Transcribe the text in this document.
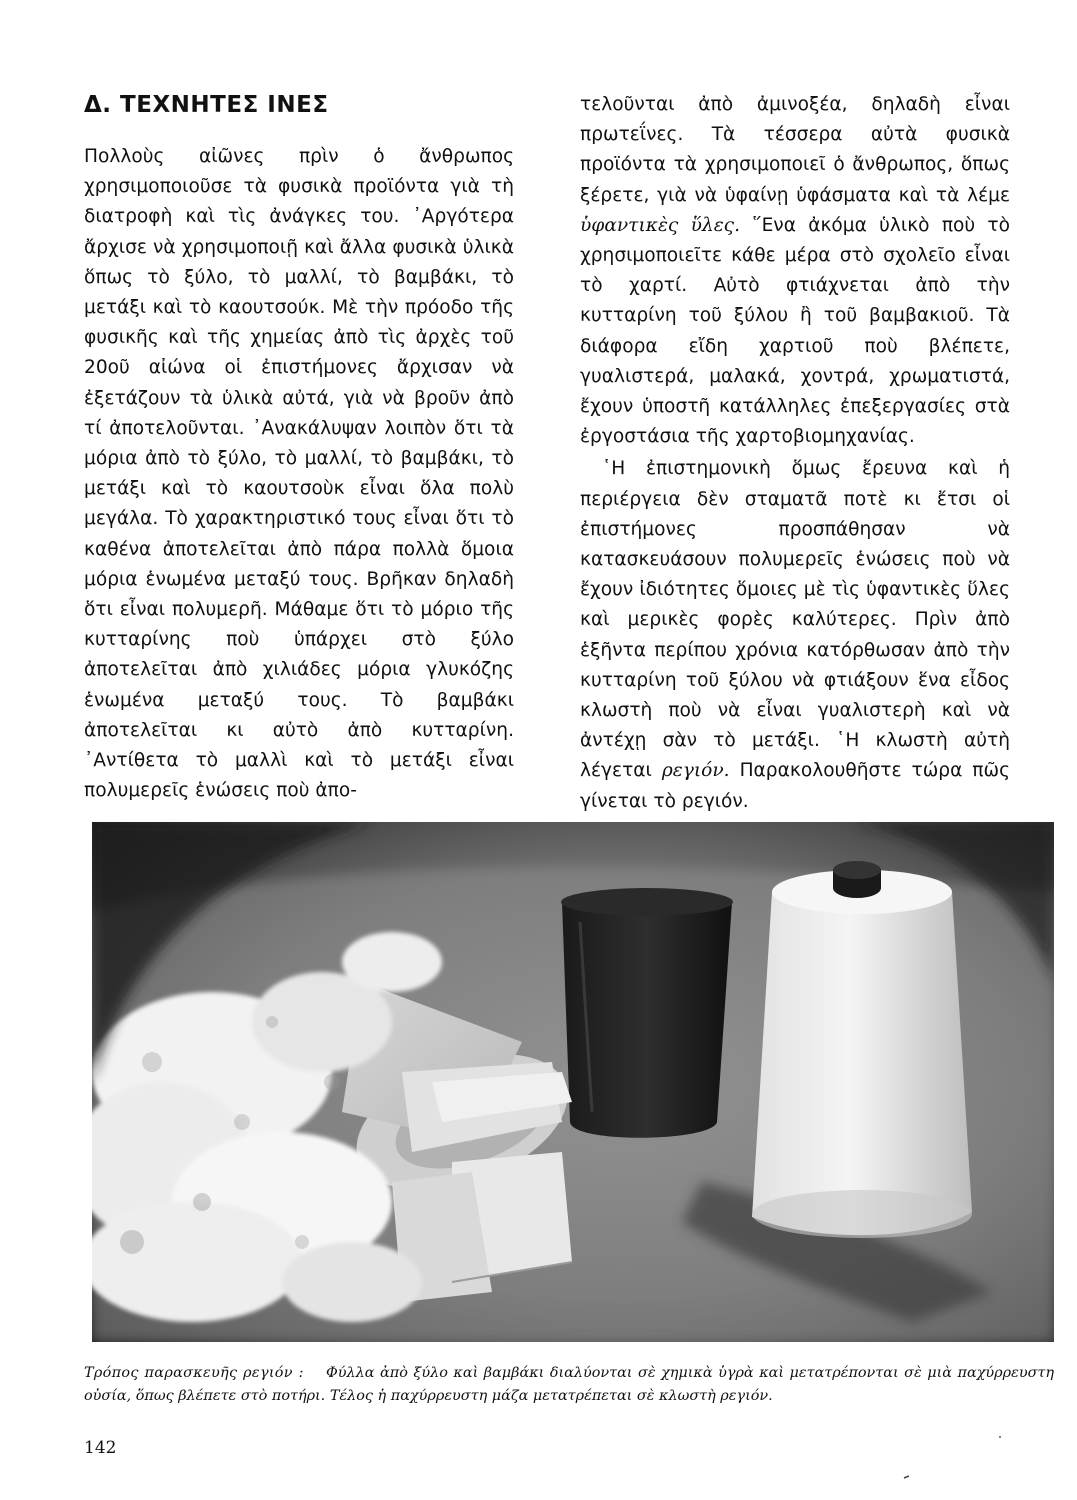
Δ. ΤΕΧΝΗΤΕΣ ΙΝΕΣ

Πολλοὺς αἰῶνες πρὶν ὁ ἄνθρωπος χρησιμοποιοῦσε τὰ φυσικὰ προϊόντα γιὰ τὴ διατροφὴ καὶ τὶς ἀνάγκες του. ᾽Αργότερα ἄρχισε νὰ χρησιμοποιῇ καὶ ἄλλα φυσικὰ ὑλικὰ ὅπως τὸ ξύλο, τὸ μαλλί, τὸ βαμβάκι, τὸ μετάξι καὶ τὸ καουτσούκ. Μὲ τὴν πρόοδο τῆς φυσικῆς καὶ τῆς χημείας ἀπὸ τὶς ἀρχὲς τοῦ 20οῦ αἰώνα οἱ ἐπιστήμονες ἄρχισαν νὰ ἐξετάζουν τὰ ὑλικὰ αὐτά, γιὰ νὰ βροῦν ἀπὸ τί ἀποτελοῦνται. ᾽Ανακάλυψαν λοιπὸν ὅτι τὰ μόρια ἀπὸ τὸ ξύλο, τὸ μαλλί, τὸ βαμβάκι, τὸ μετάξι καὶ τὸ καουτσοὺκ εἶναι ὅλα πολὺ μεγάλα. Τὸ χαρακτηριστικό τους εἶναι ὅτι τὸ καθένα ἀποτελεῖται ἀπὸ πάρα πολλὰ ὅμοια μόρια ἑνωμένα μεταξύ τους. Βρῆκαν δηλαδὴ ὅτι εἶναι πολυμερῆ. Μάθαμε ὅτι τὸ μόριο τῆς κυτταρίνης ποὺ ὑπάρχει στὸ ξύλο ἀποτελεῖται ἀπὸ χιλιάδες μόρια γλυκόζης ἑνωμένα μεταξύ τους. Τὸ βαμβάκι ἀποτελεῖται κι αὐτὸ ἀπὸ κυτταρίνη. ᾽Αντίθετα τὸ μαλλὶ καὶ τὸ μετάξι εἶναι πολυμερεῖς ἑνώσεις ποὺ ἀπο-

τελοῦνται ἀπὸ ἀμινοξέα, δηλαδὴ εἶναι πρωτεΐνες. Τὰ τέσσερα αὐτὰ φυσικὰ προϊόντα τὰ χρησιμοποιεῖ ὁ ἄνθρωπος, ὅπως ξέρετε, γιὰ νὰ ὑφαίνῃ ὑφάσματα καὶ τὰ λέμε ὑφαντικὲς ὕλες. ῞Ενα ἀκόμα ὑλικὸ ποὺ τὸ χρησιμοποιεῖτε κάθε μέρα στὸ σχολεῖο εἶναι τὸ χαρτί. Αὐτὸ φτιάχνεται ἀπὸ τὴν κυτταρίνη τοῦ ξύλου ἢ τοῦ βαμβακιοῦ. Τὰ διάφορα εἴδη χαρτιοῦ ποὺ βλέπετε, γυαλιστερά, μαλακά, χοντρά, χρωματιστά, ἔχουν ὑποστῆ κατάλληλες ἐπεξεργασίες στὰ ἐργοστάσια τῆς χαρτοβιομηχανίας.

῾Η ἐπιστημονικὴ ὅμως ἔρευνα καὶ ἡ περιέργεια δὲν σταματᾶ ποτὲ κι ἔτσι οἱ ἐπιστήμονες προσπάθησαν νὰ κατασκευάσουν πολυμερεῖς ἑνώσεις ποὺ νὰ ἔχουν ἰδιότητες ὅμοιες μὲ τὶς ὑφαντικὲς ὕλες καὶ μερικὲς φορὲς καλύτερες. Πρὶν ἀπὸ ἑξῆντα περίπου χρόνια κατόρθωσαν ἀπὸ τὴν κυτταρίνη τοῦ ξύλου νὰ φτιάξουν ἕνα εἶδος κλωστὴ ποὺ νὰ εἶναι γυαλιστερὴ καὶ νὰ ἀντέχῃ σὰν τὸ μετάξι. ῾Η κλωστὴ αὐτὴ λέγεται ρεγιόν. Παρακολουθῆστε τώρα πῶς γίνεται τὸ ρεγιόν.

Τρόπος παρασκευῆς ρεγιόν : Φύλλα ἀπὸ ξύλο καὶ βαμβάκι διαλύονται σὲ χημικὰ ὑγρὰ καὶ μετατρέπονται σὲ μιὰ παχύρρευστη οὐσία, ὅπως βλέπετε στὸ ποτήρι. Τέλος ἡ παχύρρευστη μάζα μετατρέπεται σὲ κλωστὴ ρεγιόν.
142
